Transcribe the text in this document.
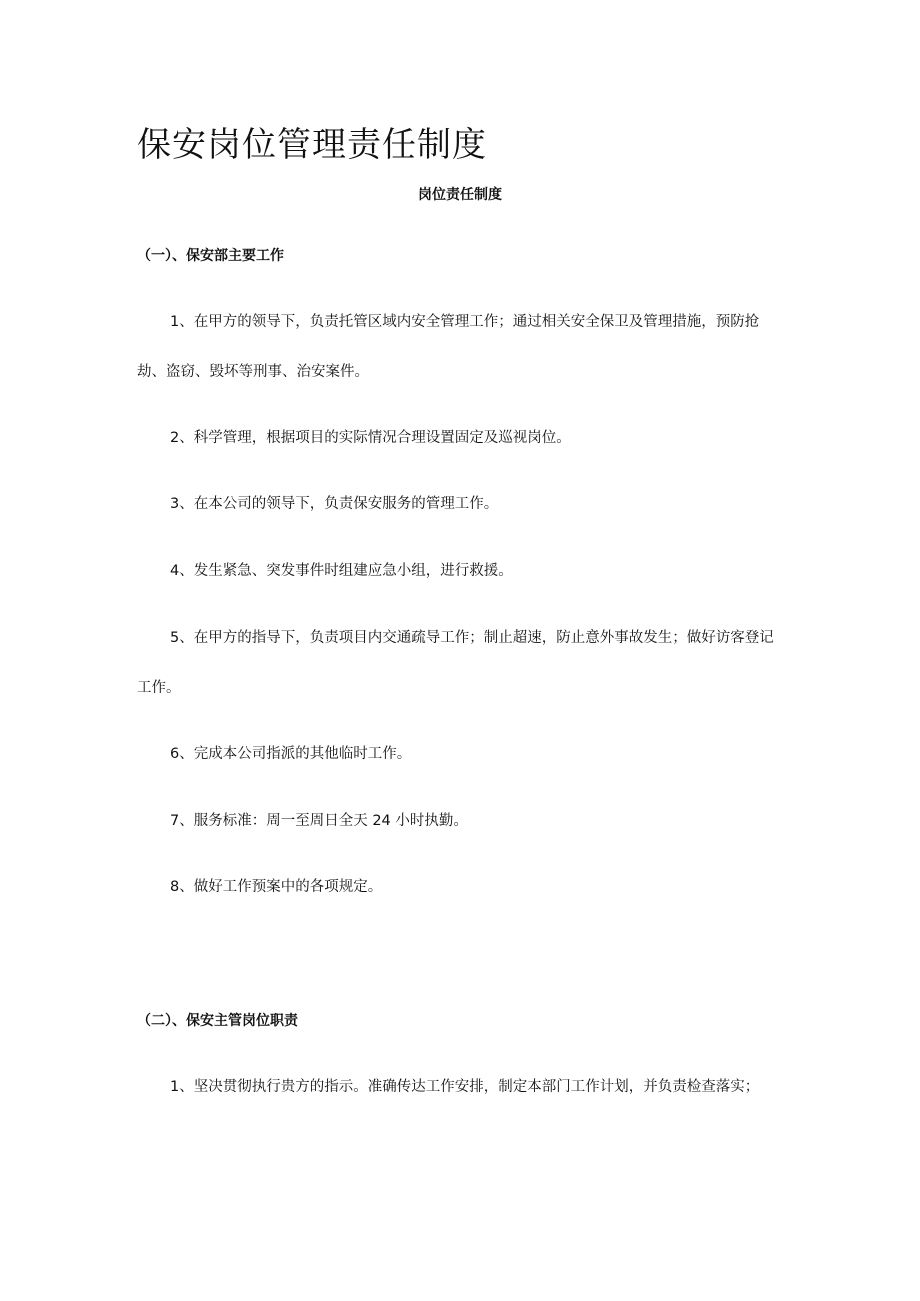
保安岗位管理责任制度

岗位责任制度

（一）、保安部主要工作

1、在甲方的领导下，负责托管区域内安全管理工作；通过相关安全保卫及管理措施，预防抢劫、盗窃、毁坏等刑事、治安案件。

2、科学管理，根据项目的实际情况合理设置固定及巡视岗位。

3、在本公司的领导下，负责保安服务的管理工作。

4、发生紧急、突发事件时组建应急小组，进行救援。

5、在甲方的指导下，负责项目内交通疏导工作；制止超速，防止意外事故发生；做好访客登记工作。

6、完成本公司指派的其他临时工作。

7、服务标准：周一至周日全天 24 小时执勤。

8、做好工作预案中的各项规定。

（二）、保安主管岗位职责

1、坚决贯彻执行贵方的指示。准确传达工作安排，制定本部门工作计划，并负责检查落实；
